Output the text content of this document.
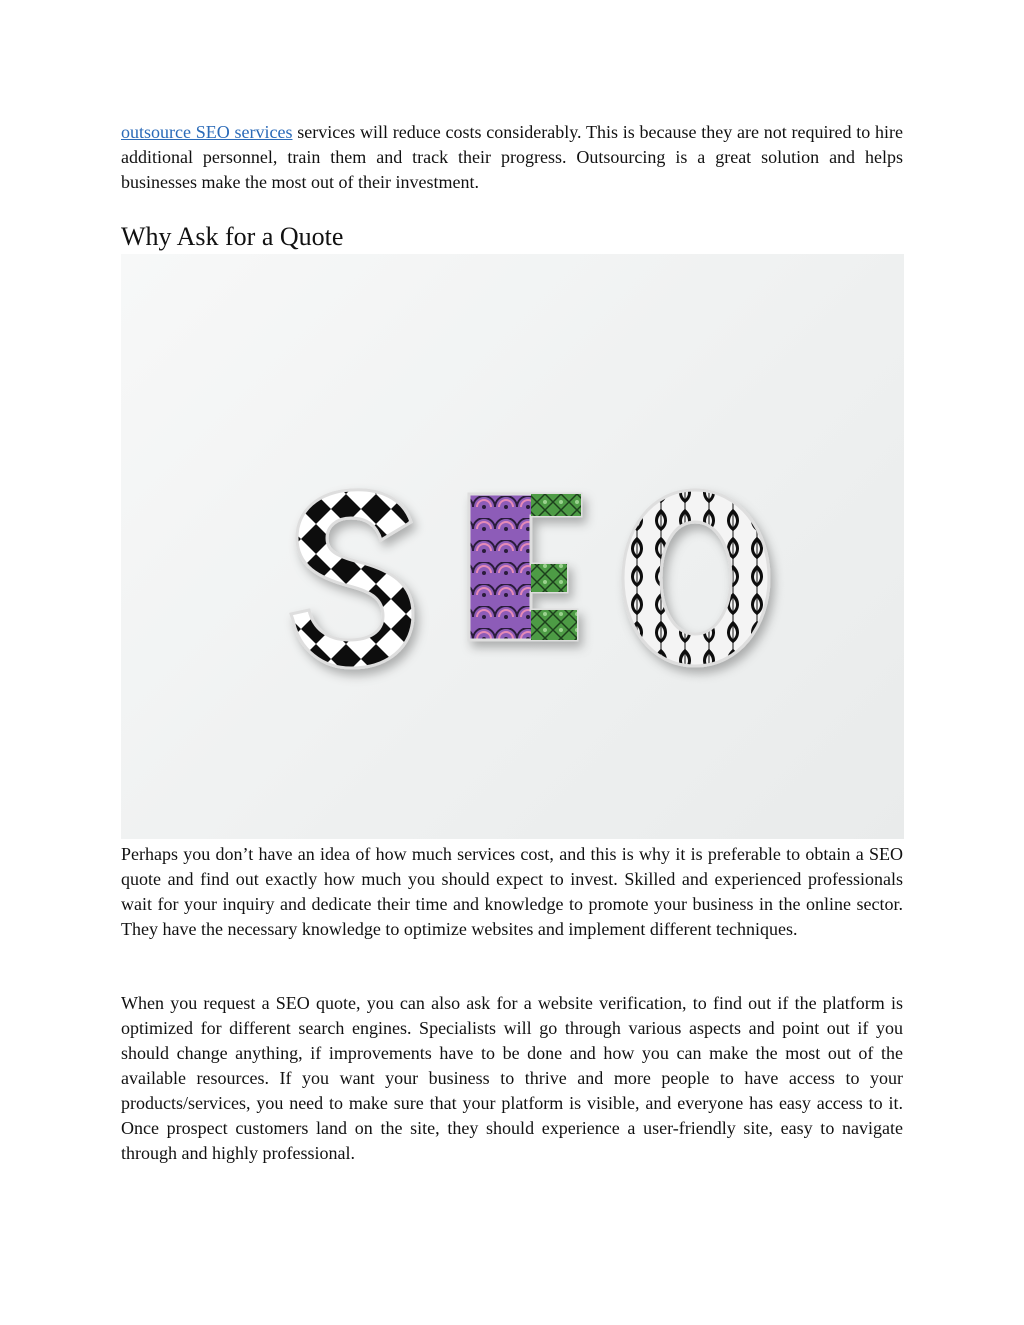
outsource SEO services services will reduce costs considerably. This is because they are not required to hire additional personnel, train them and track their progress. Outsourcing is a great solution and helps businesses make the most out of their investment.

Why Ask for a Quote

Perhaps you don’t have an idea of how much services cost, and this is why it is preferable to obtain a SEO quote and find out exactly how much you should expect to invest. Skilled and experienced professionals wait for your inquiry and dedicate their time and knowledge to promote your business in the online sector. They have the necessary knowledge to optimize websites and implement different techniques.

When you request a SEO quote, you can also ask for a website verification, to find out if the platform is optimized for different search engines. Specialists will go through various aspects and point out if you should change anything, if improvements have to be done and how you can make the most out of the available resources. If you want your business to thrive and more people to have access to your products/services, you need to make sure that your platform is visible, and everyone has easy access to it. Once prospect customers land on the site, they should experience a user-friendly site, easy to navigate through and highly professional.
